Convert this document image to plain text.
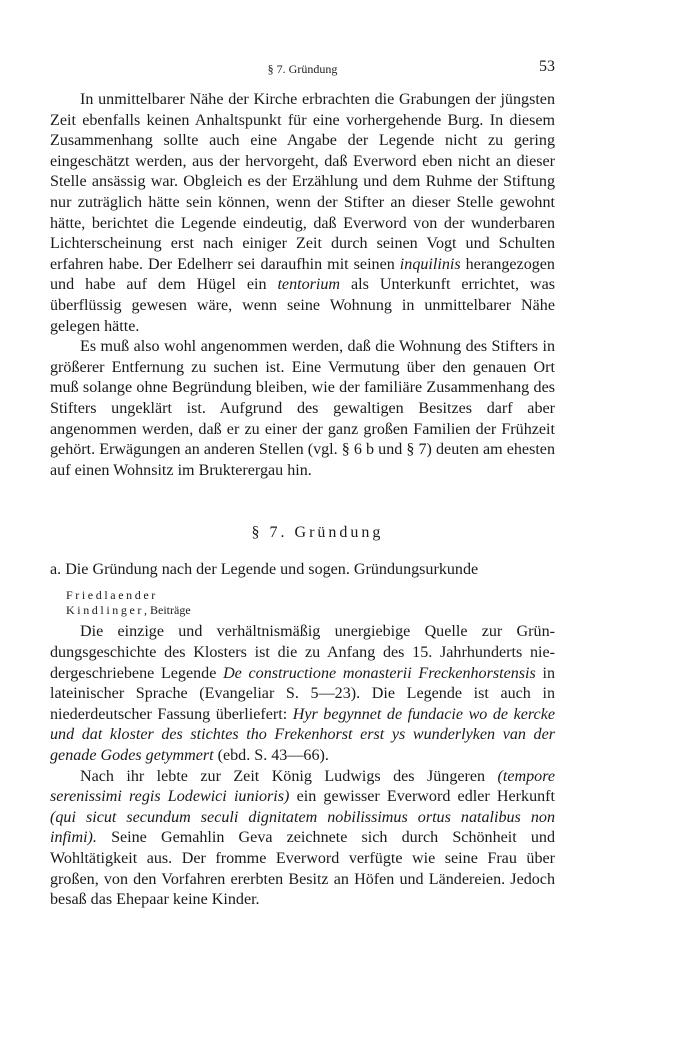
§ 7. Gründung	53

In unmittelbarer Nähe der Kirche erbrachten die Grabungen der jüngsten Zeit ebenfalls keinen Anhaltspunkt für eine vorhergehende Burg. In diesem Zusammenhang sollte auch eine Angabe der Legende nicht zu gering eingeschätzt werden, aus der hervorgeht, daß Everword eben nicht an dieser Stelle ansässig war. Obgleich es der Erzählung und dem Ruhme der Stiftung nur zuträglich hätte sein können, wenn der Stifter an dieser Stelle gewohnt hätte, berichtet die Legende eindeutig, daß Everword von der wunderbaren Lichterscheinung erst nach einiger Zeit durch seinen Vogt und Schulten erfahren habe. Der Edelherr sei daraufhin mit seinen inquilinis herangezogen und habe auf dem Hügel ein tentorium als Unterkunft errichtet, was überflüssig gewesen wäre, wenn seine Wohnung in unmittelbarer Nähe gelegen hätte.

Es muß also wohl angenommen werden, daß die Wohnung des Stifters in größerer Entfernung zu suchen ist. Eine Vermutung über den genauen Ort muß solange ohne Begründung bleiben, wie der familiäre Zusammenhang des Stifters ungeklärt ist. Aufgrund des gewaltigen Besitzes darf aber angenommen werden, daß er zu einer der ganz großen Familien der Frühzeit gehört. Erwägungen an anderen Stellen (vgl. § 6 b und § 7) deuten am ehesten auf einen Wohnsitz im Brukterergau hin.

§ 7. Gründung

a. Die Gründung nach der Legende und sogen. Gründungsurkunde

Friedlaender
Kindlinger, Beiträge

Die einzige und verhältnismäßig unergiebige Quelle zur Gründungsgeschichte des Klosters ist die zu Anfang des 15. Jahrhunderts niedergeschriebene Legende De constructione monasterii Freckenhorstensis in lateinischer Sprache (Evangeliar S. 5—23). Die Legende ist auch in niederdeutscher Fassung überliefert: Hyr begynnet de fundacie wo de kercke und dat kloster des stichtes tho Frekenhorst erst ys wunderlyken van der genade Godes getymmert (ebd. S. 43—66).

Nach ihr lebte zur Zeit König Ludwigs des Jüngeren (tempore serenissimi regis Lodewici iunioris) ein gewisser Everword edler Herkunft (qui sicut secundum seculi dignitatem nobilissimus ortus natalibus non infimi). Seine Gemahlin Geva zeichnete sich durch Schönheit und Wohltätigkeit aus. Der fromme Everword verfügte wie seine Frau über großen, von den Vorfahren ererbten Besitz an Höfen und Ländereien. Jedoch besaß das Ehepaar keine Kinder.
